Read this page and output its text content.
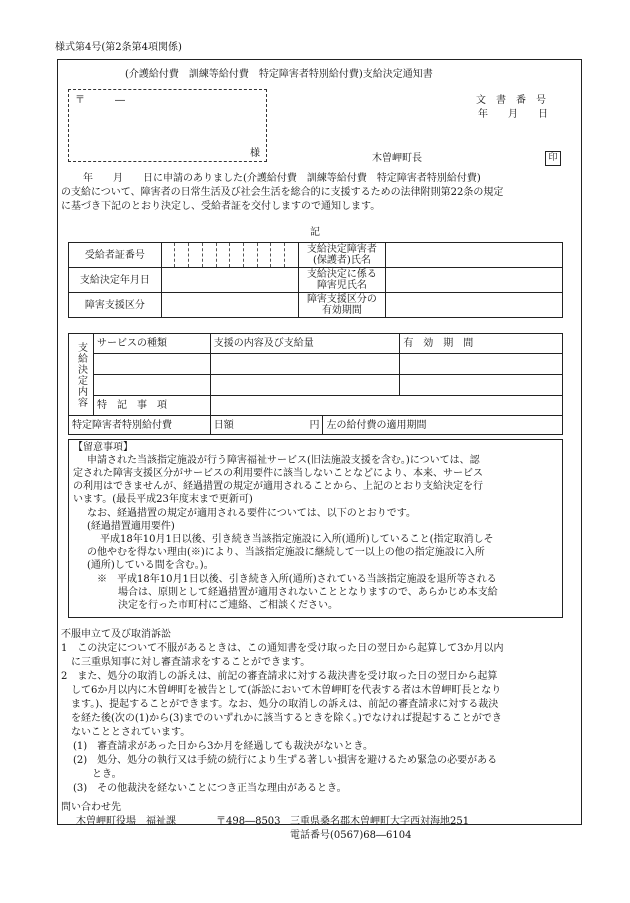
様式第4号(第2条第4項関係)
(介護給付費　訓練等給付費　特定障害者特別給付費)支給決定通知書
〒　　　―
様
文　書　番　号
年　　月　　日
木曽岬町長	印
年　　月　　日に申請のありました(介護給付費　訓練等給付費　特定障害者特別給付費)
の支給について、障害者の日常生活及び社会生活を総合的に支援するための法律附則第22条の規定
に基づき下記のとおり決定し、受給者証を交付しますので通知します。
記
受給者証番号		支給決定障害者
(保護者)氏名	
支給決定年月日		支給決定に係る
障害児氏名	
障害支援区分		障害支援区分の
有効期間	
支給決定内容	サービスの種類	支援の内容及び支給量	有　効　期　間

	特　記　事　項		
特定障害者特別給付費	日額	円	左の給付費の適用期間
【留意事項】
申請された当該指定施設が行う障害福祉サービス(旧法施設支援を含む。)については、認
定された障害支援区分がサービスの利用要件に該当しないことなどにより、本来、サービス
の利用はできませんが、経過措置の規定が適用されることから、上記のとおり支給決定を行
います。(最長平成23年度末まで更新可)
なお、経過措置の規定が適用される要件については、以下のとおりです。
(経過措置適用要件)
平成18年10月1日以後、引き続き当該指定施設に入所(通所)していること(指定取消しそ
の他やむを得ない理由(※)により、当該指定施設に継続して一以上の他の指定施設に入所
(通所)している間を含む。)。
※　平成18年10月1日以後、引き続き入所(通所)されている当該指定施設を退所等される
場合は、原則として経過措置が適用されないこととなりますので、あらかじめ本支給
決定を行った市町村にご連絡、ご相談ください。
不服申立て及び取消訴訟
1　この決定について不服があるときは、この通知書を受け取った日の翌日から起算して3か月以内
に三重県知事に対し審査請求をすることができます。
2　また、処分の取消しの訴えは、前記の審査請求に対する裁決書を受け取った日の翌日から起算
して6か月以内に木曽岬町を被告として(訴訟において木曽岬町を代表する者は木曽岬町長となり
ます。)、提起することができます。なお、処分の取消しの訴えは、前記の審査請求に対する裁決
を経た後(次の(1)から(3)までのいずれかに該当するときを除く。)でなければ提起することができ
ないこととされています。
(1)　審査請求があった日から3か月を経過しても裁決がないとき。
(2)　処分、処分の執行又は手続の続行により生ずる著しい損害を避けるため緊急の必要がある
とき。
(3)　その他裁決を経ないことにつき正当な理由があるとき。
問い合わせ先
木曽岬町役場　福祉課	〒498―8503 三重県桑名郡木曽岬町大字西対海地251
電話番号(0567)68―6104
